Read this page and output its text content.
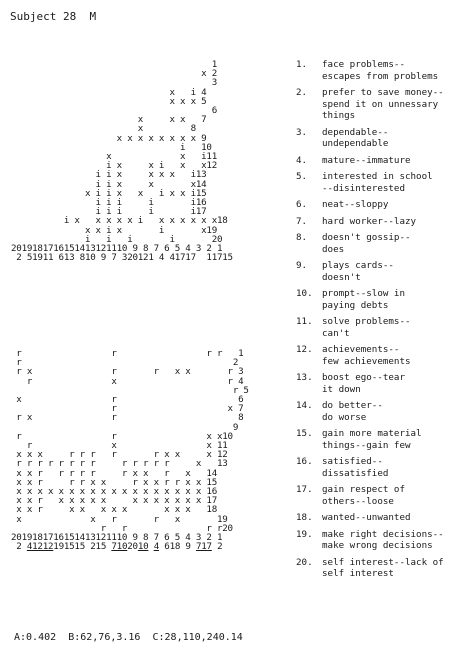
Subject 28  M
1
x 2
3
x   i 4
x x x 5
6
x     x x   7
x         8
x x x x x x x x 9
i   10
x             x   i11
i x     x i   x   x12
i i x     x x x   i13
i i x     x       x14
x i i x   x   i x x i15
i i i     i       i16
i i i     i       i17
i x   x x x x i   x x x x x x18
x x i x       i       x19
i   i   i       i       20
2019181716151413121110 9 8 7 6 5 4 3 2 1
2 51911 613 810 9 7 320121 4 41717  11715
r                 r                 r r   1
r                                        2
r x               r       r   x x       r 3
r               x                     r 4
r 5
x                 r                       6
r                     x 7
r x               r                       8
9
r                 r                 x x10
r               x                 x 11
x x x     r r r   r       r x x     x 12
r r r r r r r r     r r r r r     x   13
x x r   r r r r     r x x   r   x   14
x x r     r r x x     r x x r r x x 15
x x x x x x x x x x x x x x x x x x 16
x x r   x x x x x     x x x x x x x 17
x x r     x x   x x x       x x x   18
x             x   r       r   x       19
r   r               r r20
2019181716151413121110 9 8 7 6 5 4 3 2 1
2 41212191515 215 7102010 4 618 9 717 2
1. face problems--
escapes from problems
2. prefer to save money--
spend it on unnessary
things
3. dependable--
undependable
4. mature--immature
5. interested in school
--disinterested
6. neat--sloppy
7. hard worker--lazy
8. doesn't gossip--
does
9. plays cards--
doesn't
10. prompt--slow in
paying debts
11. solve problems--
can't
12. achievements--
few achievements
13. boost ego--tear
it down
14. do better--
do worse
15. gain more material
things--gain few
16. satisfied--
dissatisfied
17. gain respect of
others--loose
18. wanted--unwanted
19. make right decisions--
make wrong decisions
20. self interest--lack of
self interest
A:0.402 B:62,76,3.16 C:28,110,240.14
